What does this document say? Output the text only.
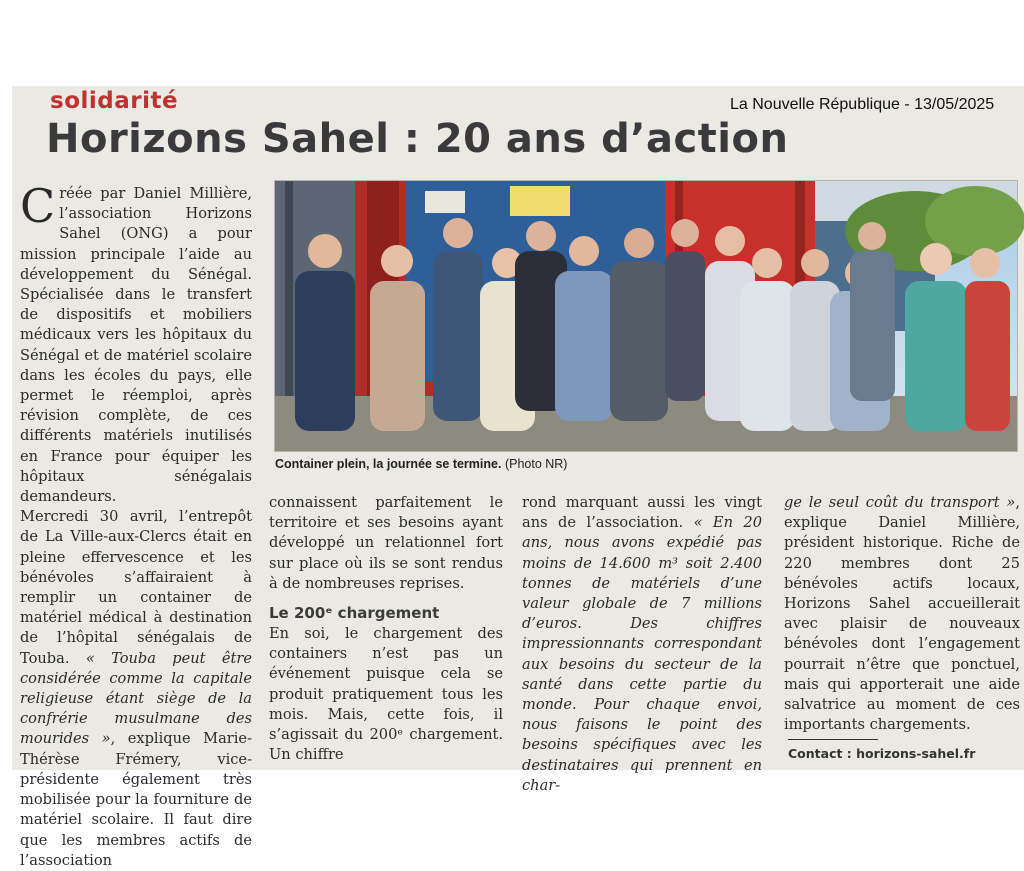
solidarité	La Nouvelle République - 13/05/2025
Horizons Sahel : 20 ans d’action

Créée par Daniel Millière, l’association Horizons Sahel (ONG) a pour mission principale l’aide au développement du Sénégal. Spécialisée dans le transfert de dispositifs et mobiliers médicaux vers les hôpitaux du Sénégal et de matériel scolaire dans les écoles du pays, elle permet le réemploi, après révision complète, de ces différents matériels inutilisés en France pour équiper les hôpitaux sénégalais demandeurs.

Mercredi 30 avril, l’entrepôt de La Ville-aux-Clercs était en pleine effervescence et les bénévoles s’affairaient à remplir un container de matériel médical à destination de l’hôpital sénégalais de Touba. « Touba peut être considérée comme la capitale religieuse étant siège de la confrérie musulmane des mourides », explique Marie-Thérèse Frémery, vice-présidente également très mobilisée pour la fourniture de matériel scolaire. Il faut dire que les membres actifs de l’association

Container plein, la journée se termine. (Photo NR)

connaissent parfaitement le territoire et ses besoins ayant développé un relationnel fort sur place où ils se sont rendus à de nombreuses reprises.

Le 200ᵉ chargement

En soi, le chargement des containers n’est pas un événement puisque cela se produit pratiquement tous les mois. Mais, cette fois, il s’agissait du 200ᵉ chargement. Un chiffre

rond marquant aussi les vingt ans de l’association. « En 20 ans, nous avons expédié pas moins de 14.600 m³ soit 2.400 tonnes de matériels d’une valeur globale de 7 millions d’euros. Des chiffres impressionnants correspondant aux besoins du secteur de la santé dans cette partie du monde. Pour chaque envoi, nous faisons le point des besoins spécifiques avec les destinataires qui prennent en char-

ge le seul coût du transport », explique Daniel Millière, président historique. Riche de 220 membres dont 25 bénévoles actifs locaux, Horizons Sahel accueillerait avec plaisir de nouveaux bénévoles dont l’engagement pourrait n’être que ponctuel, mais qui apporterait une aide salvatrice au moment de ces importants chargements.

Contact : horizons-sahel.fr
